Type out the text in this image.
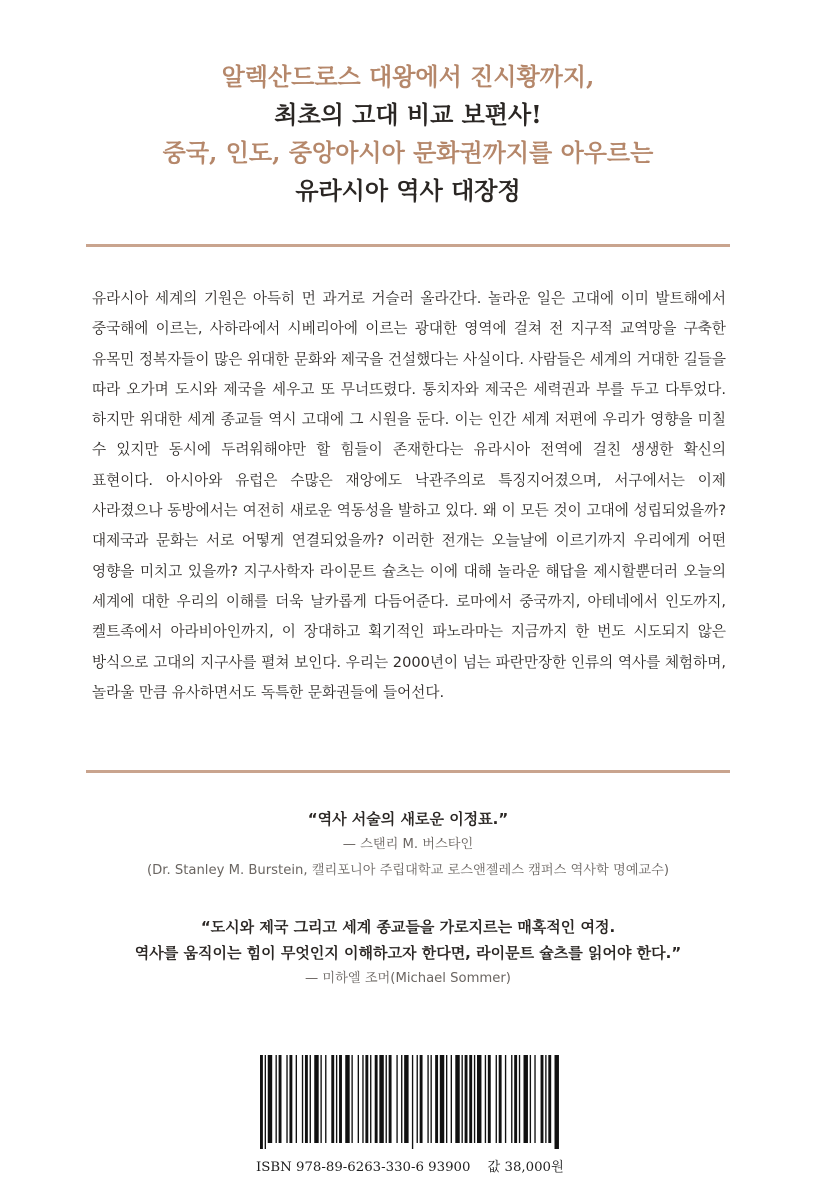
알렉산드로스 대왕에서 진시황까지,
최초의 고대 비교 보편사!
중국, 인도, 중앙아시아 문화권까지를 아우르는
유라시아 역사 대장정
유라시아 세계의 기원은 아득히 먼 과거로 거슬러 올라간다. 놀라운 일은 고대에 이미 발트해에서 중국해에 이르는, 사하라에서 시베리아에 이르는 광대한 영역에 걸쳐 전 지구적 교역망을 구축한 유목민 정복자들이 많은 위대한 문화와 제국을 건설했다는 사실이다. 사람들은 세계의 거대한 길들을 따라 오가며 도시와 제국을 세우고 또 무너뜨렸다. 통치자와 제국은 세력권과 부를 두고 다투었다. 하지만 위대한 세계 종교들 역시 고대에 그 시원을 둔다. 이는 인간 세계 저편에 우리가 영향을 미칠 수 있지만 동시에 두려워해야만 할 힘들이 존재한다는 유라시아 전역에 걸친 생생한 확신의 표현이다. 아시아와 유럽은 수많은 재앙에도 낙관주의로 특징지어졌으며, 서구에서는 이제 사라졌으나 동방에서는 여전히 새로운 역동성을 발하고 있다. 왜 이 모든 것이 고대에 성립되었을까? 대제국과 문화는 서로 어떻게 연결되었을까? 이러한 전개는 오늘날에 이르기까지 우리에게 어떤 영향을 미치고 있을까? 지구사학자 라이문트 슐츠는 이에 대해 놀라운 해답을 제시할뿐더러 오늘의 세계에 대한 우리의 이해를 더욱 날카롭게 다듬어준다. 로마에서 중국까지, 아테네에서 인도까지, 켈트족에서 아라비아인까지, 이 장대하고 획기적인 파노라마는 지금까지 한 번도 시도되지 않은 방식으로 고대의 지구사를 펼쳐 보인다. 우리는 2000년이 넘는 파란만장한 인류의 역사를 체험하며, 놀라울 만큼 유사하면서도 독특한 문화권들에 들어선다.
“역사 서술의 새로운 이정표.”
— 스탠리 M. 버스타인
(Dr. Stanley M. Burstein, 캘리포니아 주립대학교 로스앤젤레스 캠퍼스 역사학 명예교수)
“도시와 제국 그리고 세계 종교들을 가로지르는 매혹적인 여정.
역사를 움직이는 힘이 무엇인지 이해하고자 한다면, 라이문트 슐츠를 읽어야 한다.”
— 미하엘 조머(Michael Sommer)
ISBN 978-89-6263-330-6 93900 값 38,000원
